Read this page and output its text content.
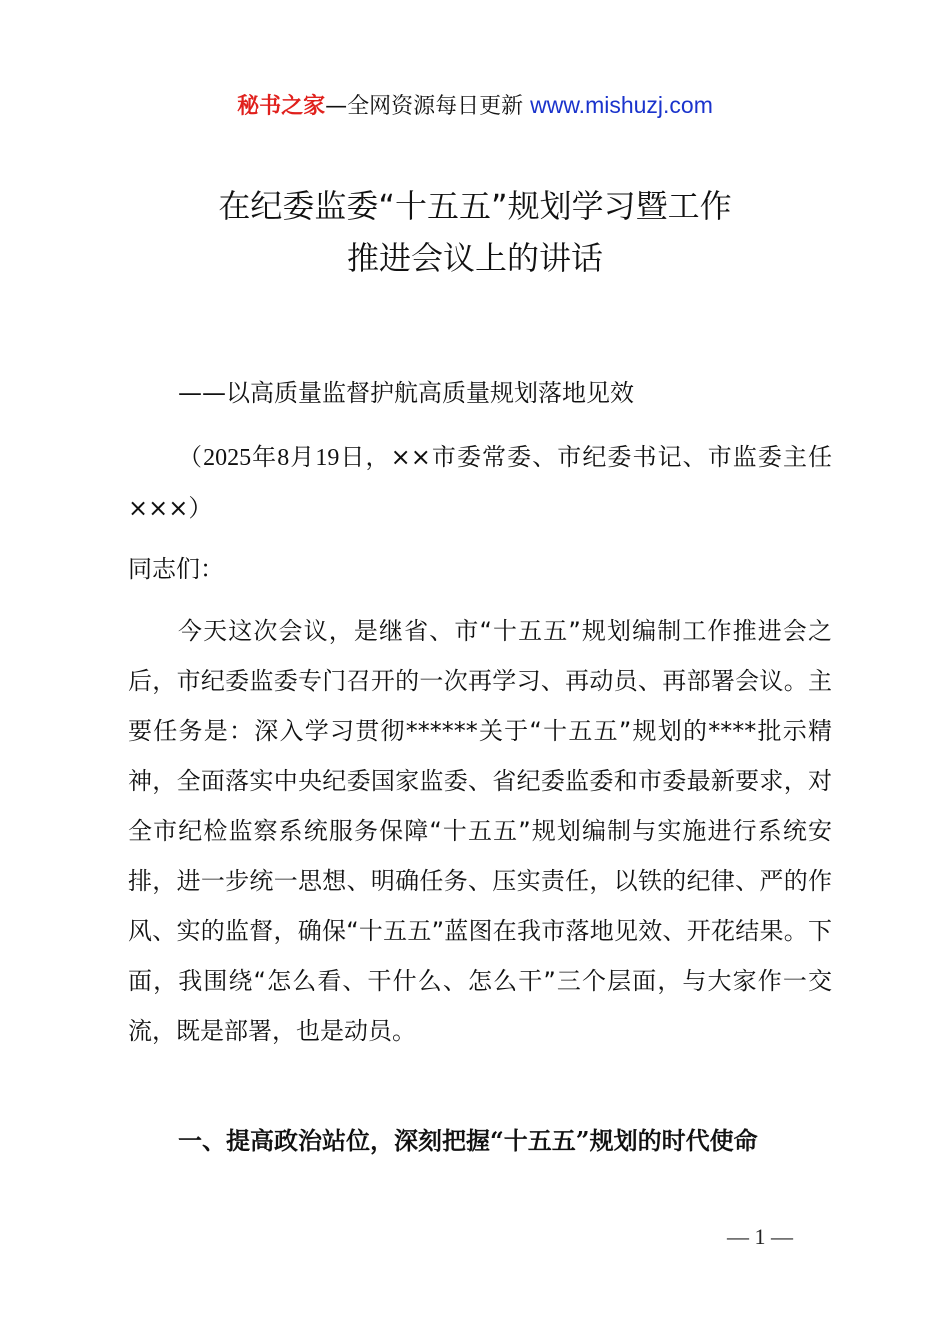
秘书之家—全网资源每日更新 www.mishuzj.com
在纪委监委“十五五”规划学习暨工作
推进会议上的讲话

——以高质量监督护航高质量规划落地见效

（2025年8月19日，××市委常委、市纪委书记、市监委主任×××）

同志们：

今天这次会议，是继省、市“十五五”规划编制工作推进会之后，市纪委监委专门召开的一次再学习、再动员、再部署会议。主要任务是：深入学习贯彻******关于“十五五”规划的****批示精神，全面落实中央纪委国家监委、省纪委监委和市委最新要求，对全市纪检监察系统服务保障“十五五”规划编制与实施进行系统安排，进一步统一思想、明确任务、压实责任，以铁的纪律、严的作风、实的监督，确保“十五五”蓝图在我市落地见效、开花结果。下面，我围绕“怎么看、干什么、怎么干”三个层面，与大家作一交流，既是部署，也是动员。

一、提高政治站位，深刻把握“十五五”规划的时代使命

— 1 —
